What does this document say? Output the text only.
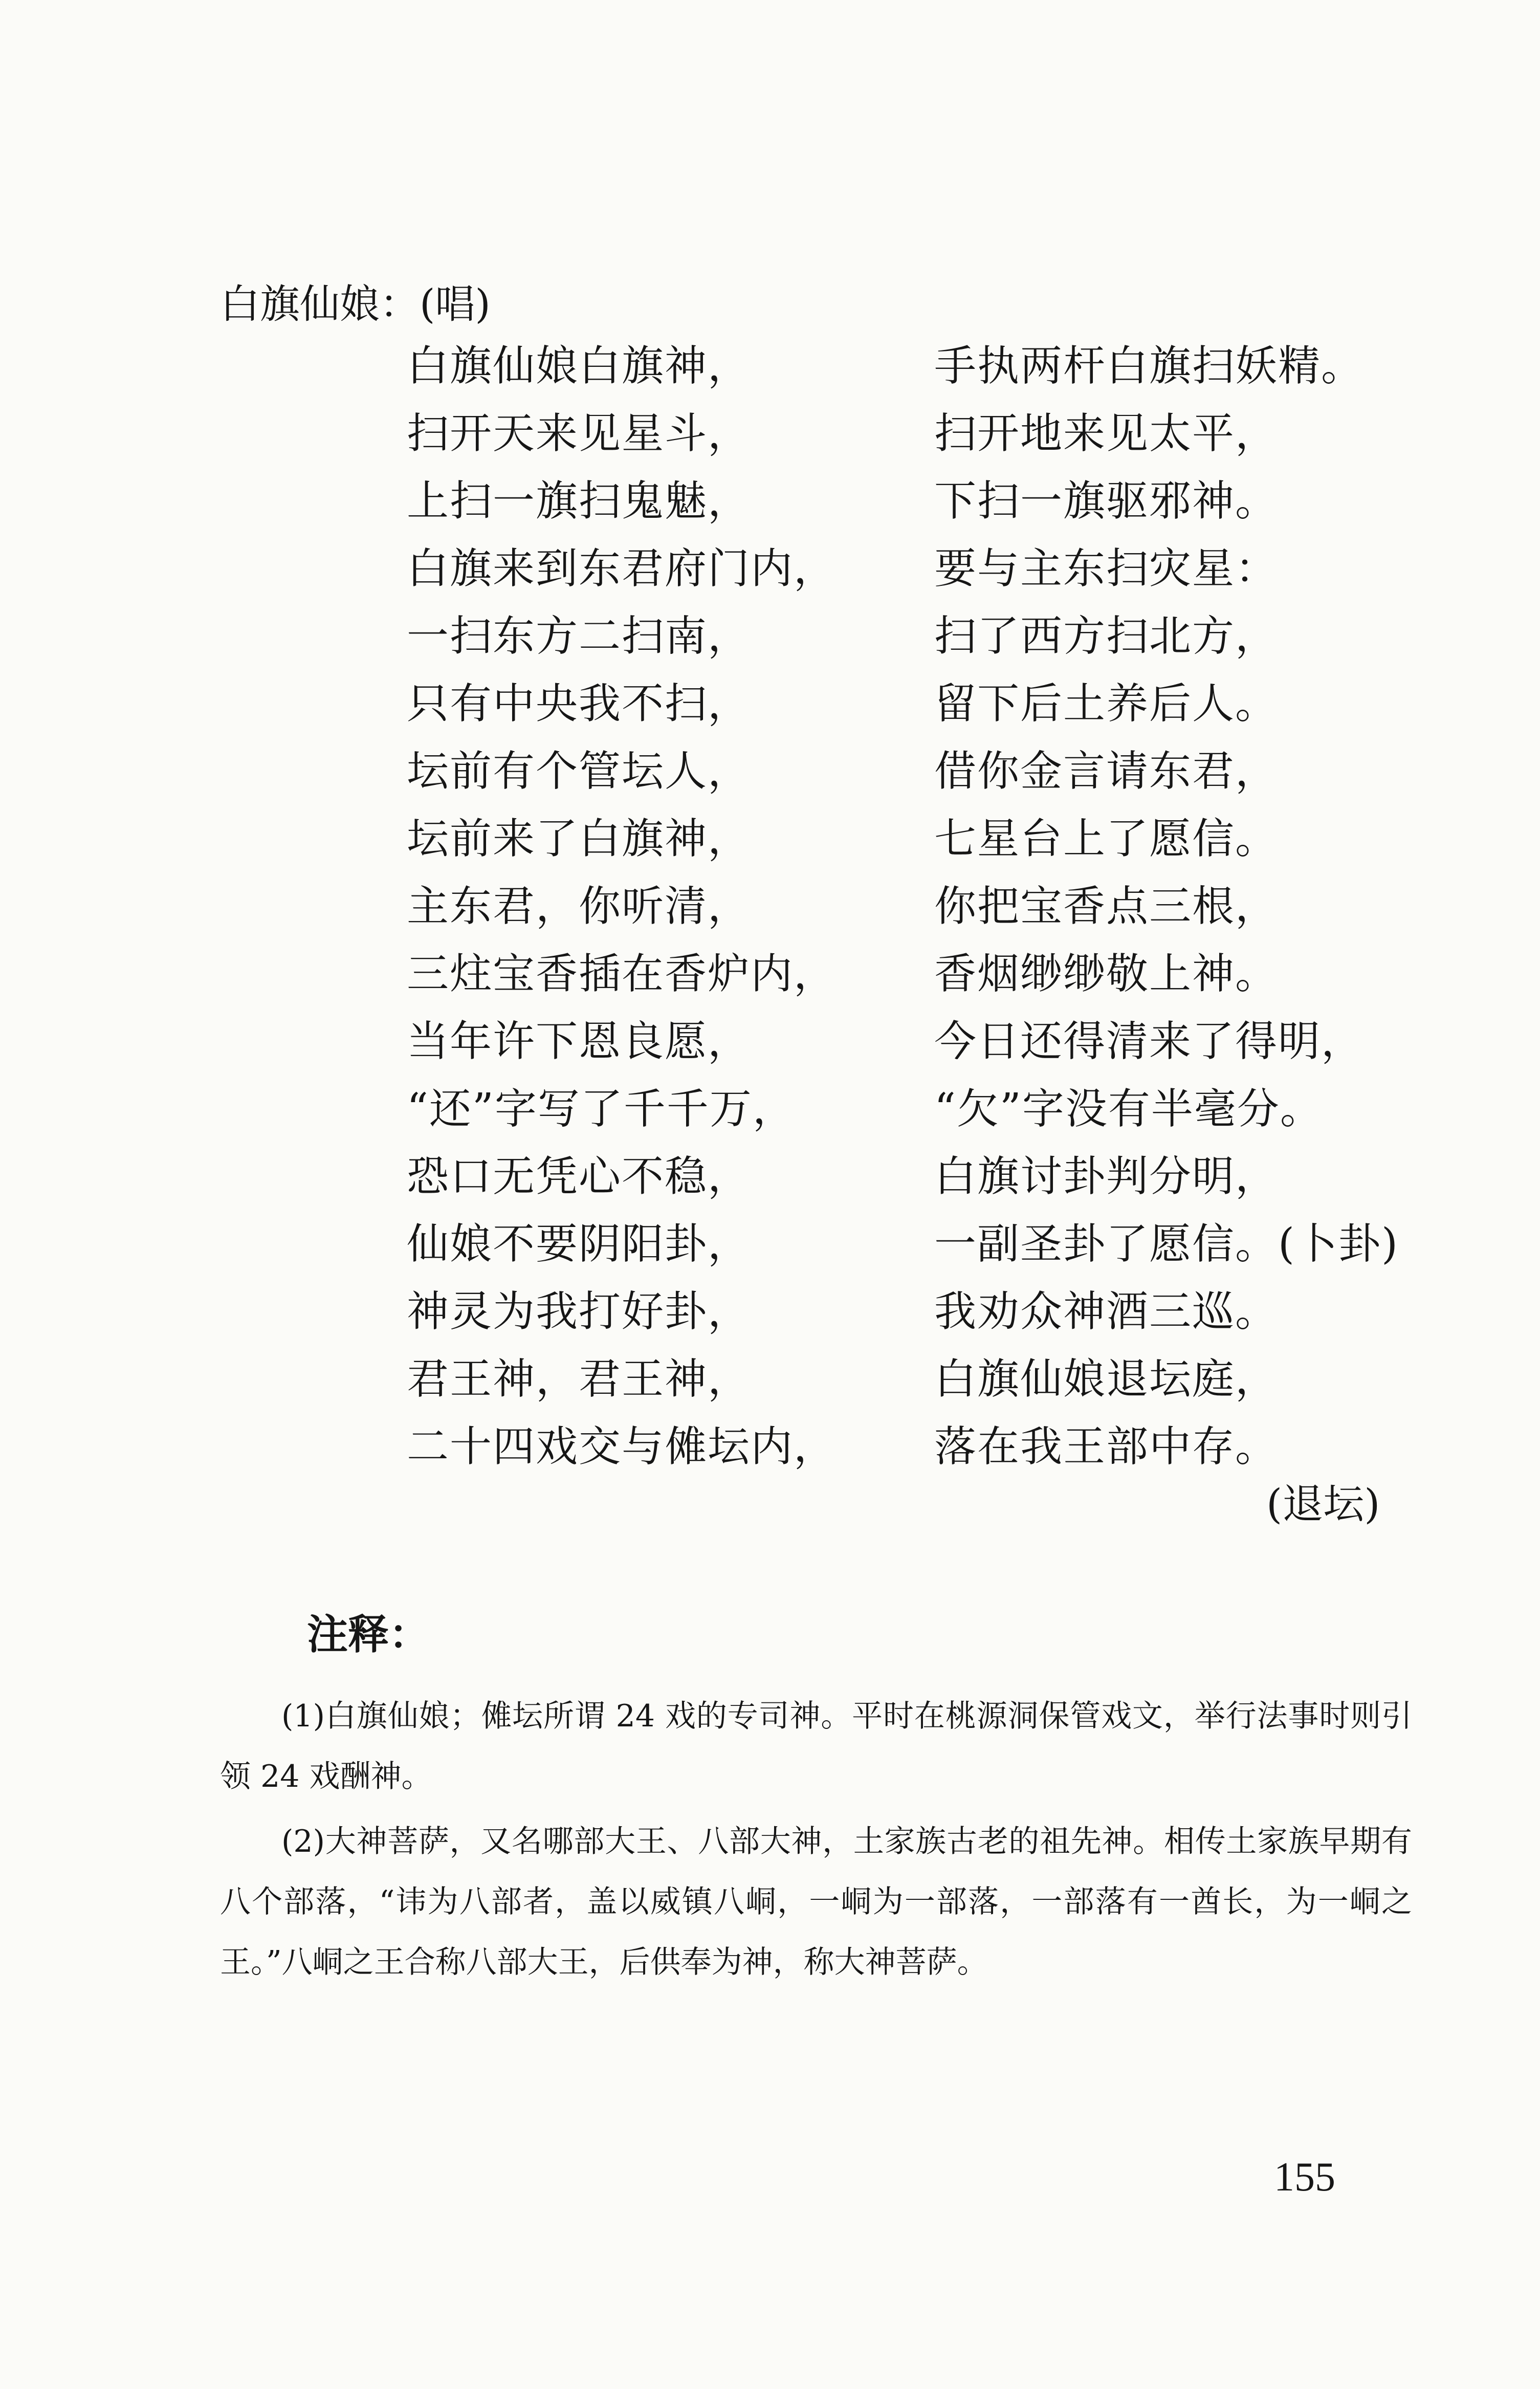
白旗仙娘：(唱)
白旗仙娘白旗神，	手执两杆白旗扫妖精。
扫开天来见星斗，	扫开地来见太平，
上扫一旗扫鬼魅，	下扫一旗驱邪神。
白旗来到东君府门内， 要与主东扫灾星：
一扫东方二扫南，	扫了西方扫北方，
只有中央我不扫，	留下后土养后人。
坛前有个管坛人，	借你金言请东君，
坛前来了白旗神，	七星台上了愿信。
主东君，你听清，	你把宝香点三根，
三炷宝香插在香炉内， 香烟缈缈敬上神。
当年许下恩良愿，	今日还得清来了得明，
“还”字写了千千万，	“欠”字没有半毫分。
恐口无凭心不稳，	白旗讨卦判分明，
仙娘不要阴阳卦，	一副圣卦了愿信。(卜卦)
神灵为我打好卦，	我劝众神酒三巡。
君王神，君王神，	白旗仙娘退坛庭，
二十四戏交与傩坛内， 落在我王部中存。
(退坛)
注释：

(1)白旗仙娘；傩坛所谓 24 戏的专司神。平时在桃源洞保管戏文，举行法事时则引领 24 戏酬神。

(2)大神菩萨，又名哪部大王、八部大神，土家族古老的祖先神。相传土家族早期有八个部落，“讳为八部者，盖以威镇八峒，一峒为一部落，一部落有一酋长，为一峒之王。”八峒之王合称八部大王，后供奉为神，称大神菩萨。

155
